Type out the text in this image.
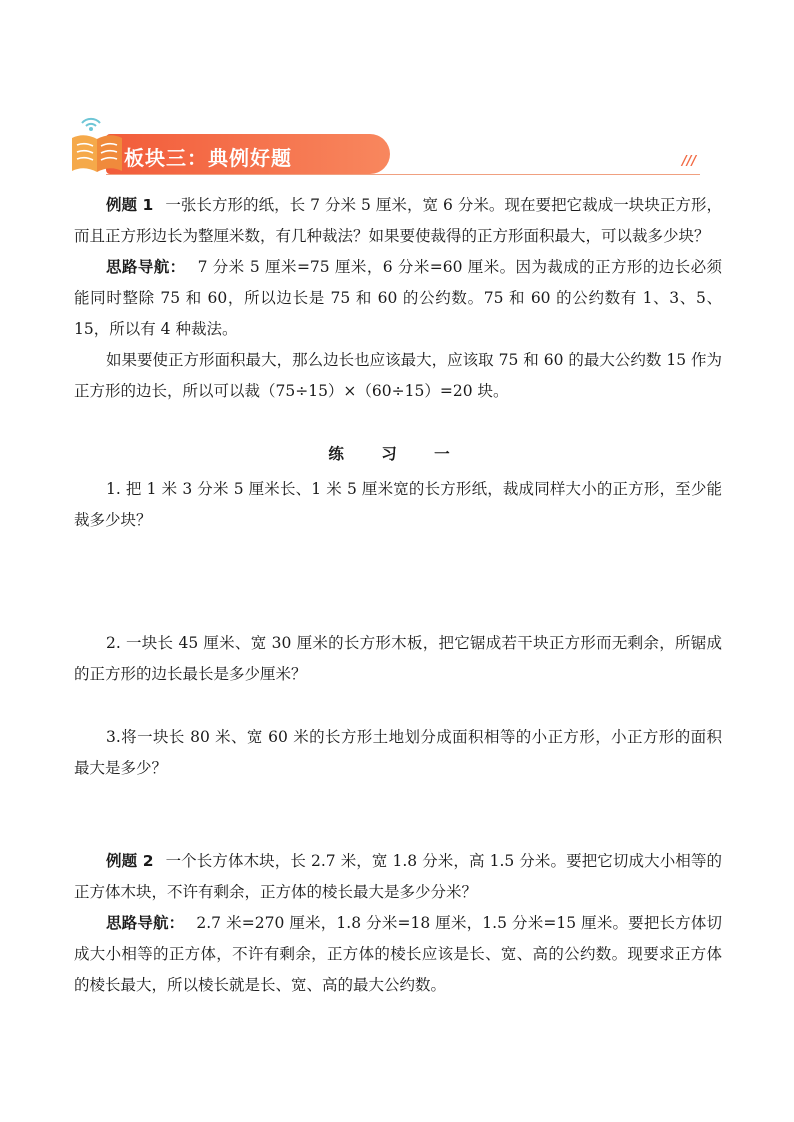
板块三：典例好题	///

例题 1 一张长方形的纸，长 7 分米 5 厘米，宽 6 分米。现在要把它裁成一块块正方形，而且正方形边长为整厘米数，有几种裁法？如果要使裁得的正方形面积最大，可以裁多少块？

思路导航： 7 分米 5 厘米=75 厘米，6 分米=60 厘米。因为裁成的正方形的边长必须能同时整除 75 和 60，所以边长是 75 和 60 的公约数。75 和 60 的公约数有 1、3、5、15，所以有 4 种裁法。

如果要使正方形面积最大，那么边长也应该最大，应该取 75 和 60 的最大公约数 15 作为正方形的边长，所以可以裁（75÷15）×（60÷15）=20 块。

练 习 一

1. 把 1 米 3 分米 5 厘米长、1 米 5 厘米宽的长方形纸，裁成同样大小的正方形，至少能裁多少块？

2. 一块长 45 厘米、宽 30 厘米的长方形木板，把它锯成若干块正方形而无剩余，所锯成的正方形的边长最长是多少厘米？

3.将一块长 80 米、宽 60 米的长方形土地划分成面积相等的小正方形，小正方形的面积最大是多少？

例题 2 一个长方体木块，长 2.7 米，宽 1.8 分米，高 1.5 分米。要把它切成大小相等的正方体木块，不许有剩余，正方体的棱长最大是多少分米？

思路导航： 2.7 米=270 厘米，1.8 分米=18 厘米，1.5 分米=15 厘米。要把长方体切成大小相等的正方体，不许有剩余，正方体的棱长应该是长、宽、高的公约数。现要求正方体的棱长最大，所以棱长就是长、宽、高的最大公约数。
